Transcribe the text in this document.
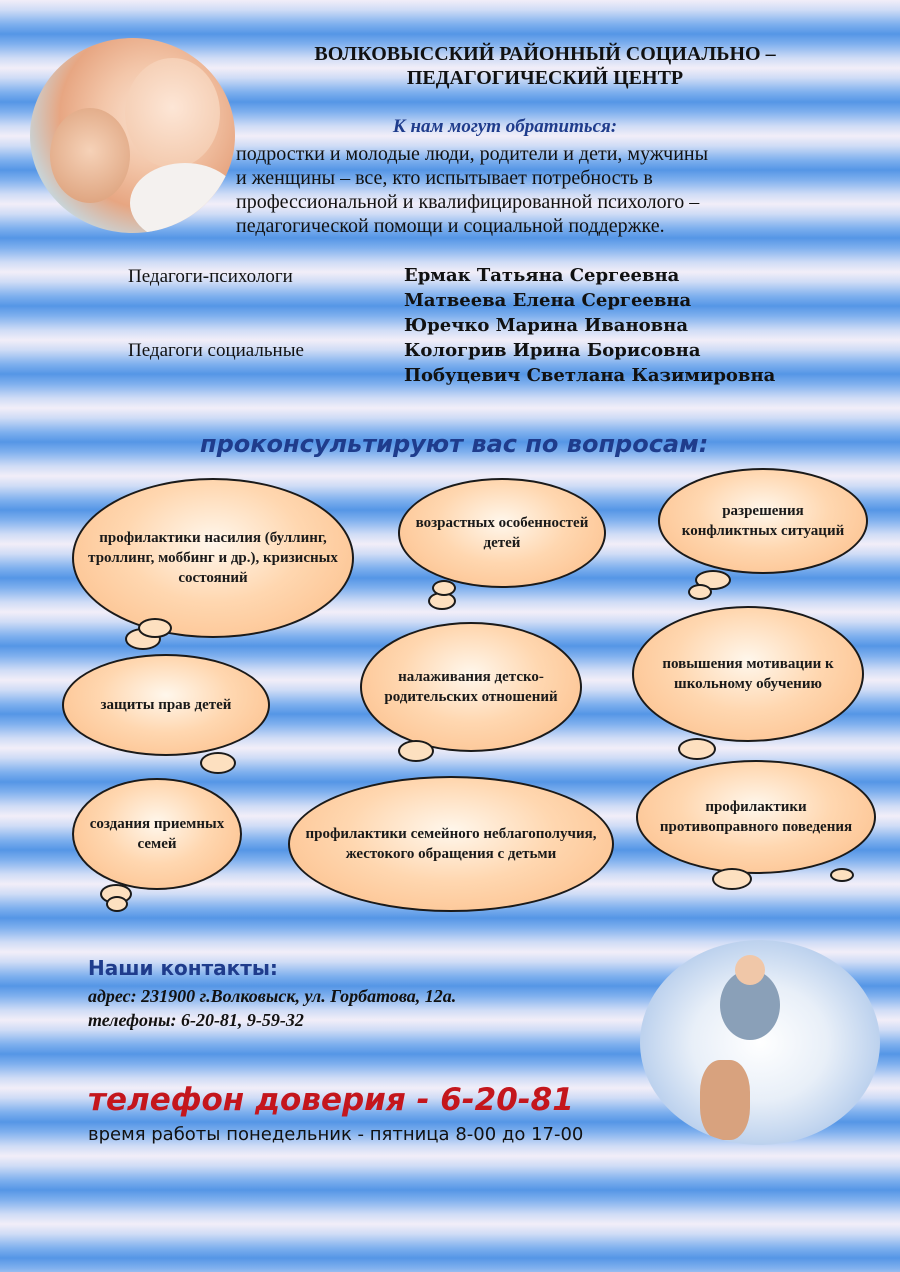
ВОЛКОВЫССКИЙ РАЙОННЫЙ СОЦИАЛЬНО –
ПЕДАГОГИЧЕСКИЙ ЦЕНТР
К нам могут обратиться:
подростки и молодые люди, родители и дети, мужчины
и женщины – все, кто испытывает потребность в
профессиональной и квалифицированной психолого –
педагогической помощи и социальной поддержке.
Педагоги-психологи
Педагоги социальные
Ермак Татьяна Сергеевна
Матвеева Елена Сергеевна
Юречко Марина Ивановна
Кологрив Ирина Борисовна
Побуцевич Светлана Казимировна
проконсультируют вас по вопросам:
профилактики насилия (буллинг, троллинг, моббинг и др.), кризисных состояний
возрастных особенностей детей
разрешения конфликтных ситуаций
защиты прав детей
налаживания детско-родительских отношений
повышения мотивации к школьному обучению
создания приемных семей
профилактики семейного неблагополучия, жестокого обращения с детьми
профилактики противоправного поведения
Наши контакты:
адрес: 231900 г.Волковыск, ул. Горбатова, 12а.
телефоны: 6-20-81, 9-59-32
телефон доверия - 6-20-81
время работы понедельник - пятница 8-00 до 17-00
